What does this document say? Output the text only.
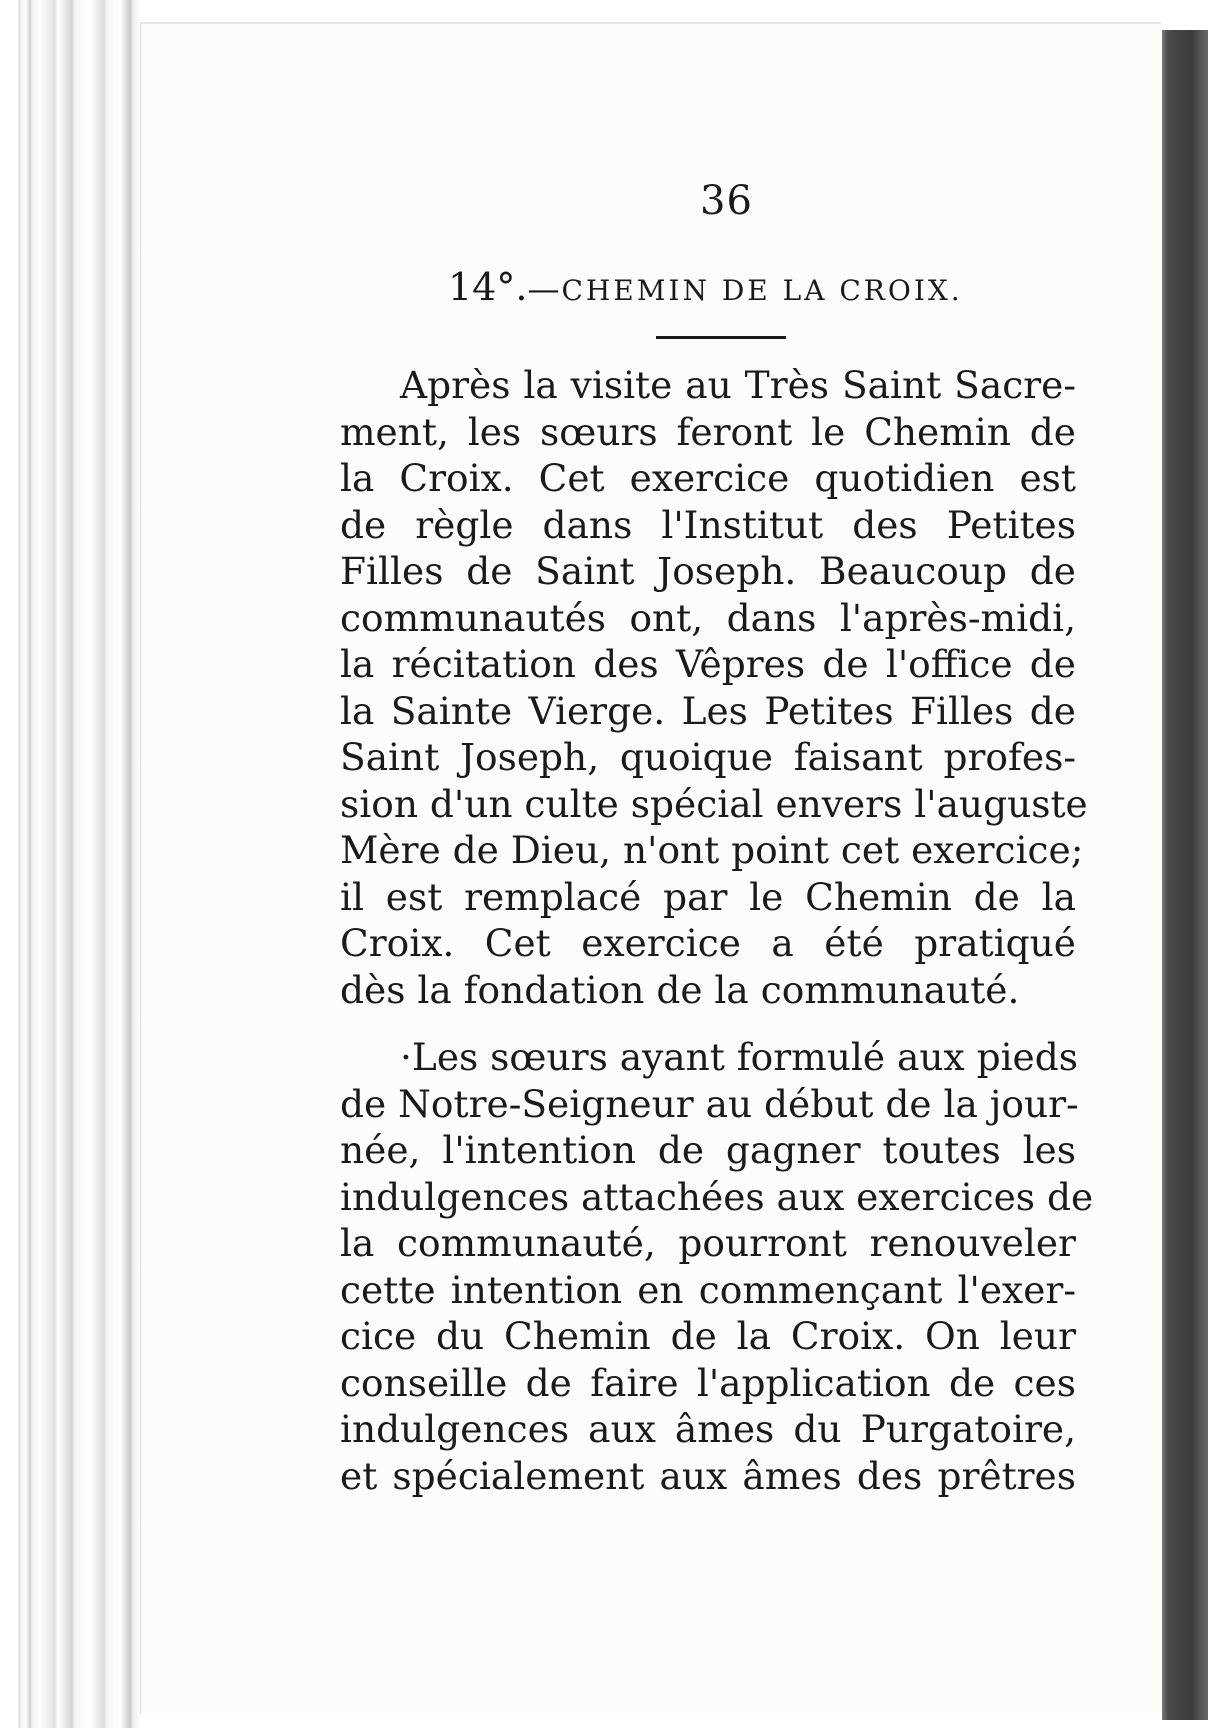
36
14°.—CHEMIN DE LA CROIX.
Après la visite au Très Saint Sacre-
ment, les sœurs feront le Chemin de
la Croix. Cet exercice quotidien est
de règle dans l'Institut des Petites
Filles de Saint Joseph. Beaucoup de
communautés ont, dans l'après-midi,
la récitation des Vêpres de l'office de
la Sainte Vierge. Les Petites Filles de
Saint Joseph, quoique faisant profes-
sion d'un culte spécial envers l'auguste
Mère de Dieu, n'ont point cet exercice;
il est remplacé par le Chemin de la
Croix. Cet exercice a été pratiqué
dès la fondation de la communauté.
·Les sœurs ayant formulé aux pieds
de Notre-Seigneur au début de la jour-
née, l'intention de gagner toutes les
indulgences attachées aux exercices de
la communauté, pourront renouveler
cette intention en commençant l'exer-
cice du Chemin de la Croix. On leur
conseille de faire l'application de ces
indulgences aux âmes du Purgatoire,
et spécialement aux âmes des prêtres
